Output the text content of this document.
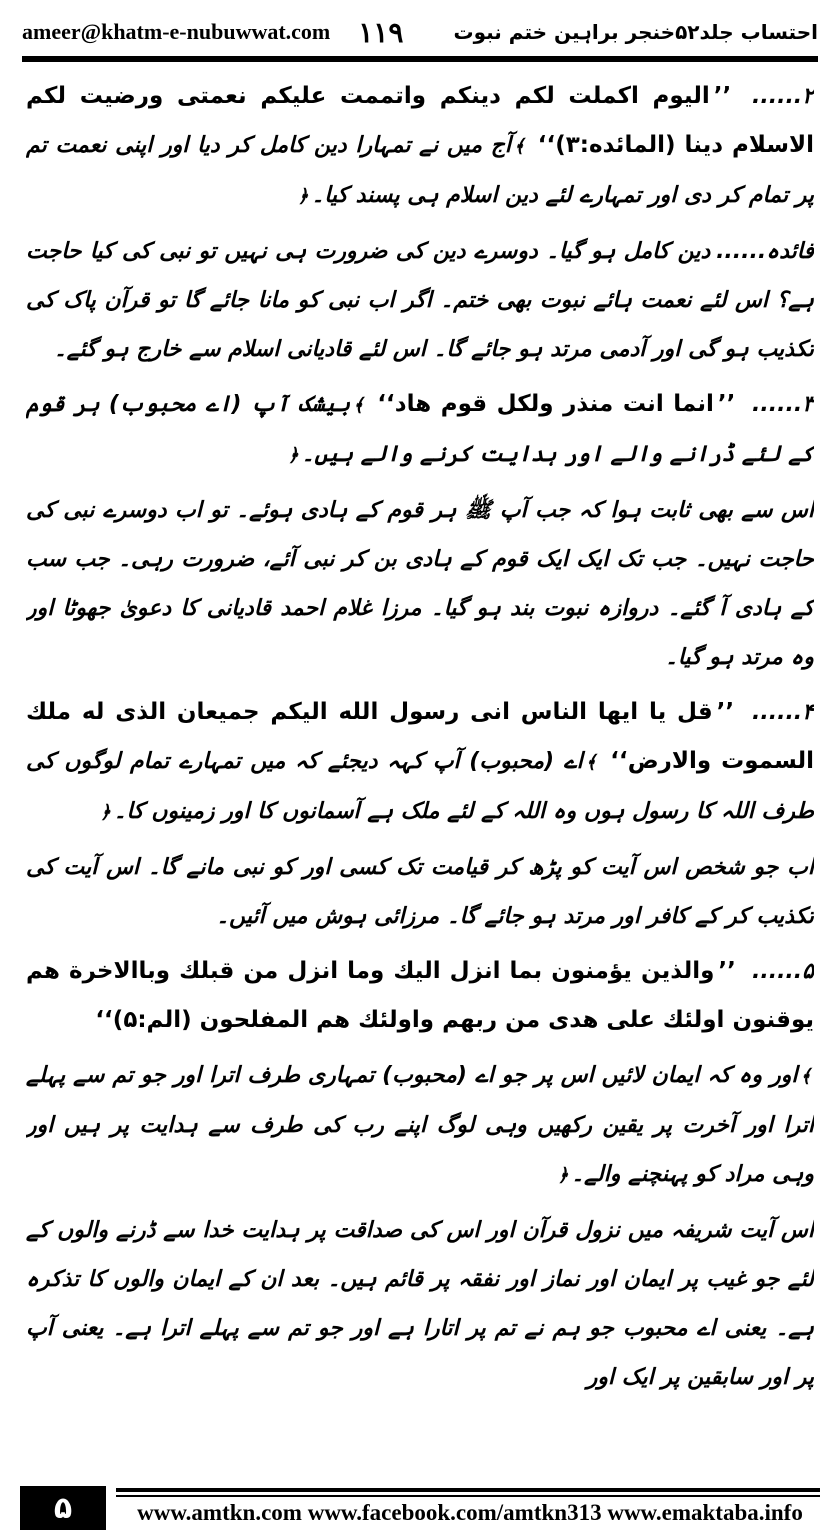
ameer@khatm-e-nubuwwat.com ۱۱۹	احتساب جلد۵۲خنجر براہین ختم نبوت

۲...... ’’اليوم اكملت لكم دينكم واتممت عليكم نعمتى ورضيت لكم الاسلام دينا (المائده:۳)‘‘ ﴾آج میں نے تمہارا دین کامل کر دیا اور اپنی نعمت تم پر تمام کر دی اور تمہارے لئے دین اسلام ہی پسند کیا۔﴿

فائدہ...... دین کامل ہو گیا۔ دوسرے دین کی ضرورت ہی نہیں تو نبی کی کیا حاجت ہے؟ اس لئے نعمت ہائے نبوت بھی ختم۔ اگر اب نبی کو مانا جائے گا تو قرآن پاک کی تکذیب ہو گی اور آدمی مرتد ہو جائے گا۔ اس لئے قادیانی اسلام سے خارج ہو گئے۔

۳...... ’’انما انت منذر ولكل قوم هاد‘‘ ﴾بیشک آپ (اے محبوب) ہر قوم کے لئے ڈرانے والے اور ہدایت کرنے والے ہیں۔﴿

اس سے بھی ثابت ہوا کہ جب آپ ﷺ ہر قوم کے ہادی ہوئے۔ تو اب دوسرے نبی کی حاجت نہیں۔ جب تک ایک ایک قوم کے ہادی بن کر نبی آئے، ضرورت رہی۔ جب سب کے ہادی آ گئے۔ دروازہ نبوت بند ہو گیا۔ مرزا غلام احمد قادیانی کا دعویٰ جھوٹا اور وہ مرتد ہو گیا۔

۴...... ’’قل يا ايها الناس انى رسول الله اليكم جميعان الذى له ملك السموت والارض‘‘ ﴾اے (محبوب) آپ کہہ دیجئے کہ میں تمہارے تمام لوگوں کی طرف اللہ کا رسول ہوں وہ اللہ کے لئے ملک ہے آسمانوں کا اور زمینوں کا۔﴿

اب جو شخص اس آیت کو پڑھ کر قیامت تک کسی اور کو نبی مانے گا۔ اس آیت کی تکذیب کر کے کافر اور مرتد ہو جائے گا۔ مرزائی ہوش میں آئیں۔

۵...... ’’والذين يؤمنون بما انزل اليك وما انزل من قبلك وباالاخرة هم يوقنون اولئك على هدى من ربهم واولئك هم المفلحون (الم:۵)‘‘

﴾اور وہ کہ ایمان لائیں اس پر جو اے (محبوب) تمہاری طرف اترا اور جو تم سے پہلے اترا اور آخرت پر یقین رکھیں وہی لوگ اپنے رب کی طرف سے ہدایت پر ہیں اور وہی مراد کو پہنچنے والے۔﴿

اس آیت شریفہ میں نزول قرآن اور اس کی صداقت پر ہدایت خدا سے ڈرنے والوں کے لئے جو غیب پر ایمان اور نماز اور نفقہ پر قائم ہیں۔ بعد ان کے ایمان والوں کا تذکرہ ہے۔ یعنی اے محبوب جو ہم نے تم پر اتارا ہے اور جو تم سے پہلے اترا ہے۔ یعنی آپ پر اور سابقین پر ایک اور

۵	www.amtkn.com www.facebook.com/amtkn313 www.emaktaba.info
